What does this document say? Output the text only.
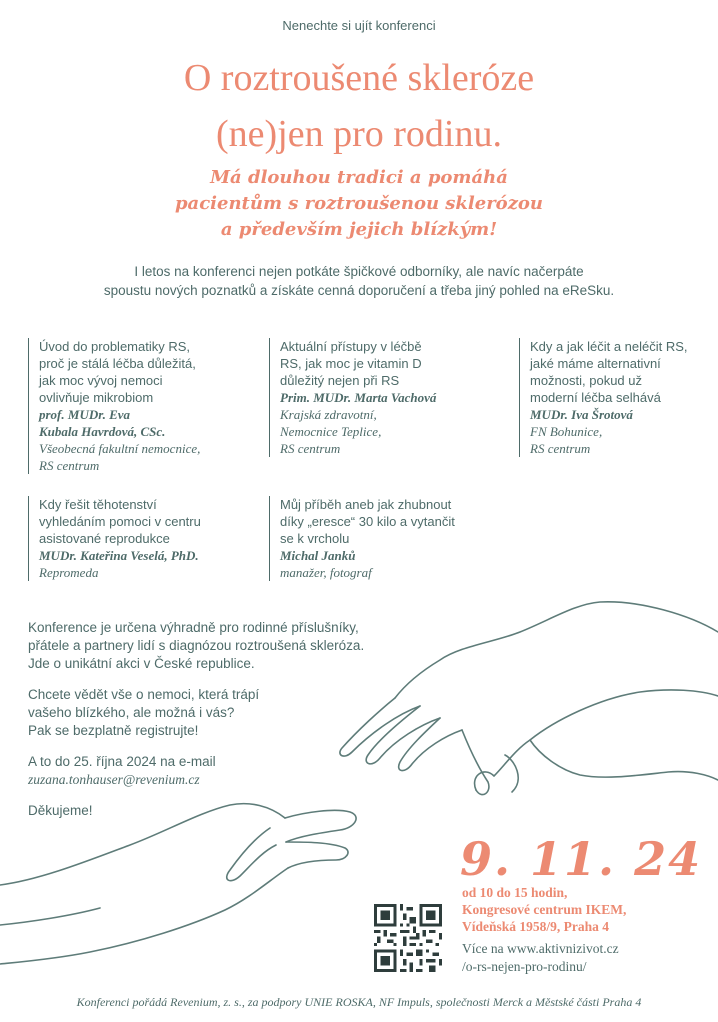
Nenechte si ujít konferenci
O roztroušené skleróze
(ne)jen pro rodinu.
Má dlouhou tradici a pomáhá
pacientům s roztroušenou sklerózou
a především jejich blízkým!
I letos na konferenci nejen potkáte špičkové odborníky, ale navíc načerpáte
spoustu nových poznatků a získáte cenná doporučení a třeba jiný pohled na eReSku.
Úvod do problematiky RS,
proč je stálá léčba důležitá,
jak moc vývoj nemoci
ovlivňuje mikrobiom
prof. MUDr. Eva
Kubala Havrdová, CSc.
Všeobecná fakultní nemocnice,
RS centrum
Aktuální přístupy v léčbě
RS, jak moc je vitamin D
důležitý nejen při RS
Prim. MUDr. Marta Vachová
Krajská zdravotní,
Nemocnice Teplice,
RS centrum
Kdy a jak léčit a neléčit RS,
jaké máme alternativní
možnosti, pokud už
moderní léčba selhává
MUDr. Iva Šrotová
FN Bohunice,
RS centrum
Kdy řešit těhotenství
vyhledáním pomoci v centru
asistované reprodukce
MUDr. Kateřina Veselá, PhD.
Repromeda
Můj příběh aneb jak zhubnout
díky „eresce“ 30 kilo a vytančit
se k vrcholu
Michal Janků
manažer, fotograf
Konference je určena výhradně pro rodinné příslušníky,
přátele a partnery lidí s diagnózou roztroušená skleróza.
Jde o unikátní akci v České republice.
Chcete vědět vše o nemoci, která trápí
vašeho blízkého, ale možná i vás?
Pak se bezplatně registrujte!
A to do 25. října 2024 na e-mail
zuzana.tonhauser@revenium.cz
Děkujeme!
9. 11. 24
od 10 do 15 hodin,
Kongresové centrum IKEM,
Vídeňská 1958/9, Praha 4
Více na www.aktivnizivot.cz
/o-rs-nejen-pro-rodinu/
Konferenci pořádá Revenium, z. s., za podpory UNIE ROSKA, NF Impuls, společnosti Merck a Městské části Praha 4
